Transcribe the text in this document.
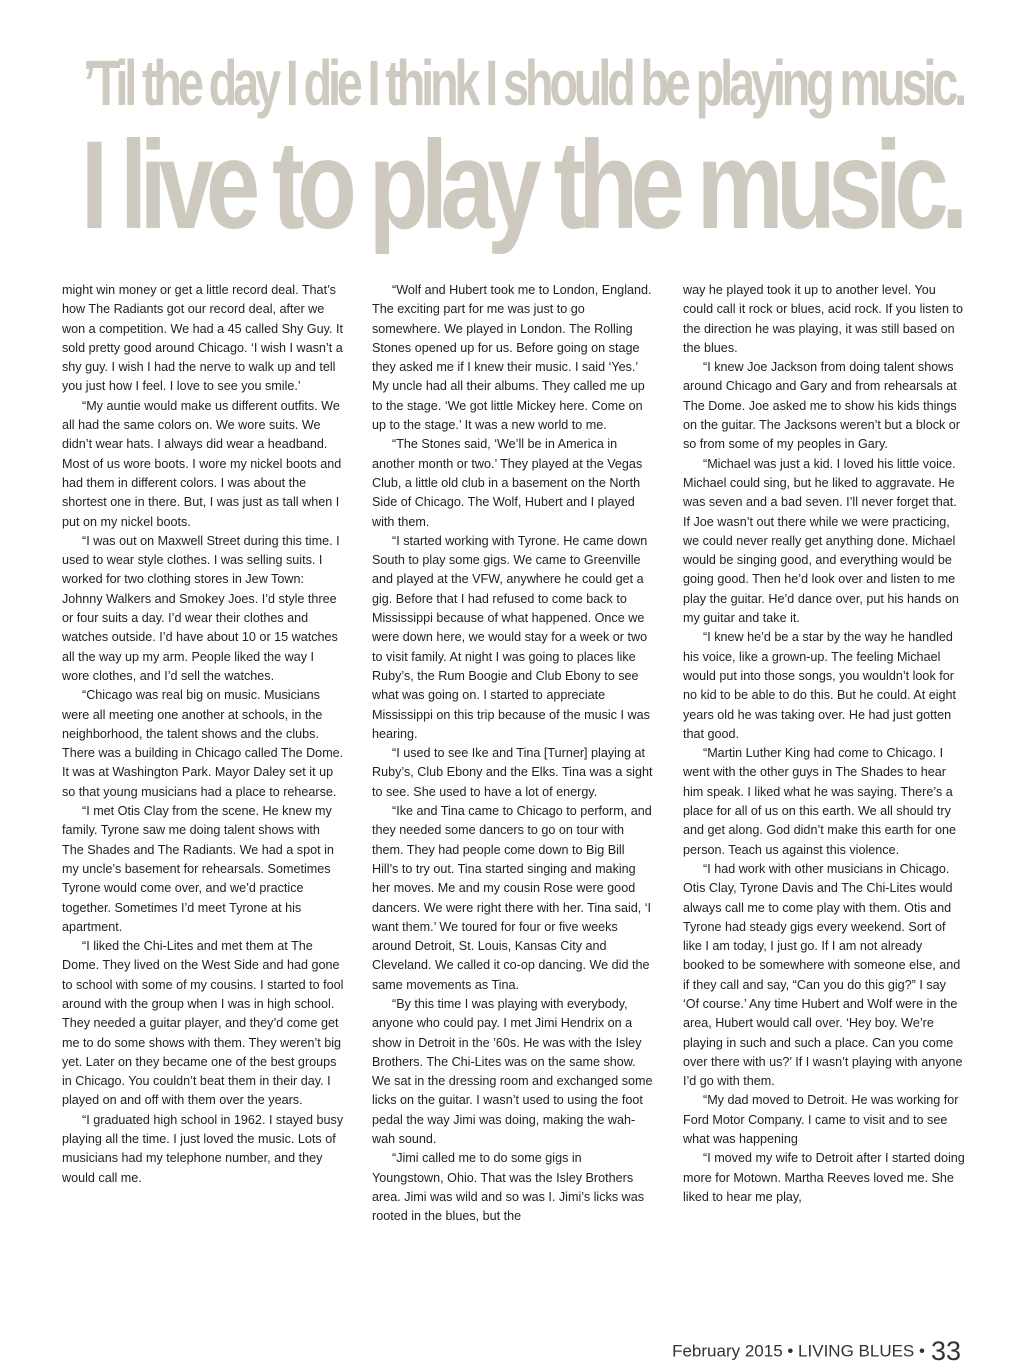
’Til the day I die I think I should be playing music.
I live to play the music.

might win money or get a little record deal. That’s how The Radiants got our record deal, after we won a competition. We had a 45 called Shy Guy. It sold pretty good around Chicago. ‘I wish I wasn’t a shy guy. I wish I had the nerve to walk up and tell you just how I feel. I love to see you smile.’

“My auntie would make us different outfits. We all had the same colors on. We wore suits. We didn’t wear hats. I always did wear a headband. Most of us wore boots. I wore my nickel boots and had them in different colors. I was about the shortest one in there. But, I was just as tall when I put on my nickel boots.

“I was out on Maxwell Street during this time. I used to wear style clothes. I was selling suits. I worked for two clothing stores in Jew Town: Johnny Walkers and Smokey Joes. I’d style three or four suits a day. I’d wear their clothes and watches outside. I’d have about 10 or 15 watches all the way up my arm. People liked the way I wore clothes, and I’d sell the watches.

“Chicago was real big on music. Musicians were all meeting one another at schools, in the neighborhood, the talent shows and the clubs. There was a building in Chicago called The Dome. It was at Washington Park. Mayor Daley set it up so that young musicians had a place to rehearse.

“I met Otis Clay from the scene. He knew my family. Tyrone saw me doing talent shows with The Shades and The Radiants. We had a spot in my uncle’s basement for rehearsals. Sometimes Tyrone would come over, and we’d practice together. Sometimes I’d meet Tyrone at his apartment.

“I liked the Chi-Lites and met them at The Dome. They lived on the West Side and had gone to school with some of my cousins. I started to fool around with the group when I was in high school. They needed a guitar player, and they’d come get me to do some shows with them. They weren’t big yet. Later on they became one of the best groups in Chicago. You couldn’t beat them in their day. I played on and off with them over the years.

“I graduated high school in 1962. I stayed busy playing all the time. I just loved the music. Lots of musicians had my telephone number, and they would call me.

“Wolf and Hubert took me to London, England. The exciting part for me was just to go somewhere. We played in London. The Rolling Stones opened up for us. Before going on stage they asked me if I knew their music. I said ‘Yes.’ My uncle had all their albums. They called me up to the stage. ‘We got little Mickey here. Come on up to the stage.’ It was a new world to me.

“The Stones said, ‘We’ll be in America in another month or two.’ They played at the Vegas Club, a little old club in a basement on the North Side of Chicago. The Wolf, Hubert and I played with them.

“I started working with Tyrone. He came down South to play some gigs. We came to Greenville and played at the VFW, anywhere he could get a gig. Before that I had refused to come back to Mississippi because of what happened. Once we were down here, we would stay for a week or two to visit family. At night I was going to places like Ruby’s, the Rum Boogie and Club Ebony to see what was going on. I started to appreciate Mississippi on this trip because of the music I was hearing.

“I used to see Ike and Tina [Turner] playing at Ruby’s, Club Ebony and the Elks. Tina was a sight to see. She used to have a lot of energy.

“Ike and Tina came to Chicago to perform, and they needed some dancers to go on tour with them. They had people come down to Big Bill Hill’s to try out. Tina started singing and making her moves. Me and my cousin Rose were good dancers. We were right there with her. Tina said, ‘I want them.’ We toured for four or five weeks around Detroit, St. Louis, Kansas City and Cleveland. We called it co-op dancing. We did the same movements as Tina.

“By this time I was playing with everybody, anyone who could pay. I met Jimi Hendrix on a show in Detroit in the ’60s. He was with the Isley Brothers. The Chi-Lites was on the same show. We sat in the dressing room and exchanged some licks on the guitar. I wasn’t used to using the foot pedal the way Jimi was doing, making the wah-wah sound.

“Jimi called me to do some gigs in Youngstown, Ohio. That was the Isley Brothers area. Jimi was wild and so was I. Jimi’s licks was rooted in the blues, but the

way he played took it up to another level. You could call it rock or blues, acid rock. If you listen to the direction he was playing, it was still based on the blues.

“I knew Joe Jackson from doing talent shows around Chicago and Gary and from rehearsals at The Dome. Joe asked me to show his kids things on the guitar. The Jacksons weren’t but a block or so from some of my peoples in Gary.

“Michael was just a kid. I loved his little voice. Michael could sing, but he liked to aggravate. He was seven and a bad seven. I’ll never forget that. If Joe wasn’t out there while we were practicing, we could never really get anything done. Michael would be singing good, and everything would be going good. Then he’d look over and listen to me play the guitar. He’d dance over, put his hands on my guitar and take it.

“I knew he’d be a star by the way he handled his voice, like a grown-up. The feeling Michael would put into those songs, you wouldn’t look for no kid to be able to do this. But he could. At eight years old he was taking over. He had just gotten that good.

“Martin Luther King had come to Chicago. I went with the other guys in The Shades to hear him speak. I liked what he was saying. There’s a place for all of us on this earth. We all should try and get along. God didn’t make this earth for one person. Teach us against this violence.

“I had work with other musicians in Chicago. Otis Clay, Tyrone Davis and The Chi-Lites would always call me to come play with them. Otis and Tyrone had steady gigs every weekend. Sort of like I am today, I just go. If I am not already booked to be somewhere with someone else, and if they call and say, “Can you do this gig?” I say ‘Of course.’ Any time Hubert and Wolf were in the area, Hubert would call over. ‘Hey boy. We’re playing in such and such a place. Can you come over there with us?’ If I wasn’t playing with anyone I’d go with them.

“My dad moved to Detroit. He was working for Ford Motor Company. I came to visit and to see what was happening

“I moved my wife to Detroit after I started doing more for Motown. Martha Reeves loved me. She liked to hear me play,

February 2015 • LIVING BLUES • 33
